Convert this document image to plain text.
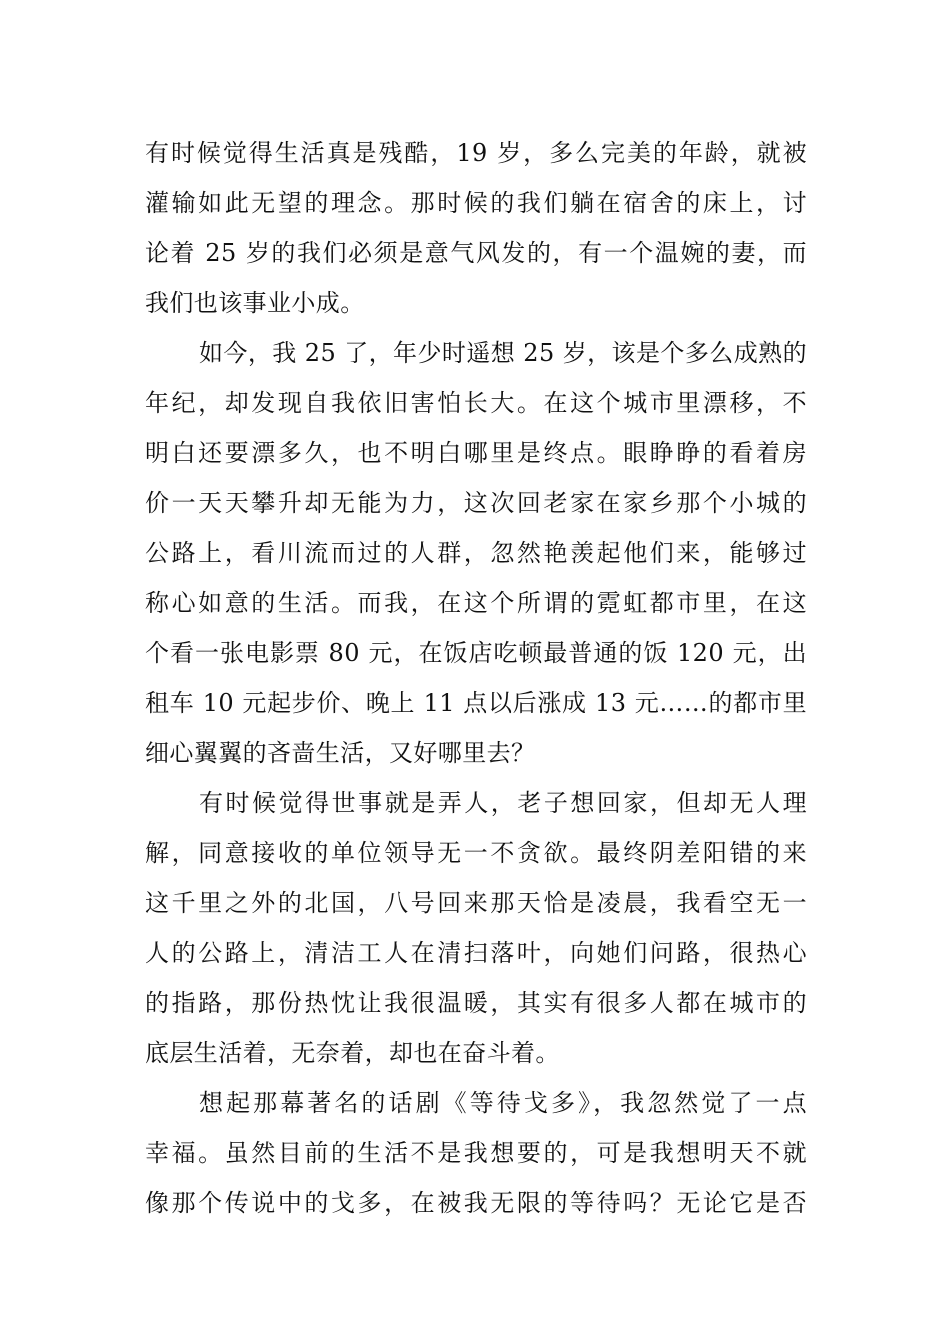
有时候觉得生活真是残酷，19 岁，多么完美的年龄，就被
灌输如此无望的理念。那时候的我们躺在宿舍的床上，讨
论着 25 岁的我们必须是意气风发的，有一个温婉的妻，而
我们也该事业小成。
如今，我 25 了，年少时遥想 25 岁，该是个多么成熟的
年纪，却发现自我依旧害怕长大。在这个城市里漂移，不
明白还要漂多久，也不明白哪里是终点。眼睁睁的看着房
价一天天攀升却无能为力，这次回老家在家乡那个小城的
公路上，看川流而过的人群，忽然艳羡起他们来，能够过
称心如意的生活。而我，在这个所谓的霓虹都市里，在这
个看一张电影票 80 元，在饭店吃顿最普通的饭 120 元，出
租车 10 元起步价、晚上 11 点以后涨成 13 元……的都市里
细心翼翼的吝啬生活，又好哪里去？
有时候觉得世事就是弄人，老子想回家，但却无人理
解，同意接收的单位领导无一不贪欲。最终阴差阳错的来
这千里之外的北国，八号回来那天恰是凌晨，我看空无一
人的公路上，清洁工人在清扫落叶，向她们问路，很热心
的指路，那份热忱让我很温暖，其实有很多人都在城市的
底层生活着，无奈着，却也在奋斗着。
想起那幕著名的话剧《等待戈多》，我忽然觉了一点
幸福。虽然目前的生活不是我想要的，可是我想明天不就
像那个传说中的戈多，在被我无限的等待吗？无论它是否
